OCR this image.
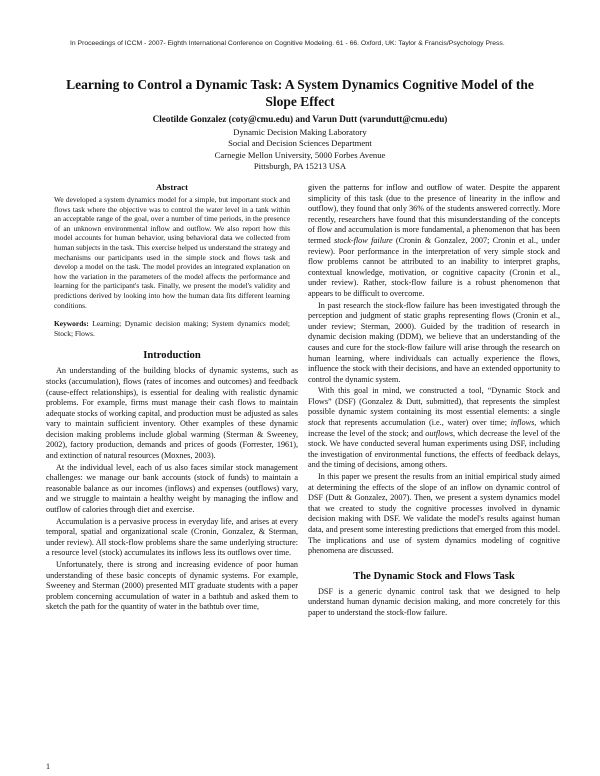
In Proceedings of ICCM - 2007- Eighth International Conference on Cognitive Modeling. 61 - 66. Oxford, UK: Taylor & Francis/Psychology Press.
Learning to Control a Dynamic Task: A System Dynamics Cognitive Model of the
Slope Effect
Cleotilde Gonzalez (coty@cmu.edu) and Varun Dutt (varundutt@cmu.edu)
Dynamic Decision Making Laboratory
Social and Decision Sciences Department
Carnegie Mellon University, 5000 Forbes Avenue
Pittsburgh, PA 15213 USA
Abstract
We developed a system dynamics model for a simple, but important stock and flows task where the objective was to control the water level in a tank within an acceptable range of the goal, over a number of time periods, in the presence of an unknown environmental inflow and outflow. We also report how this model accounts for human behavior, using behavioral data we collected from human subjects in the task. This exercise helped us understand the strategy and mechanisms our participants used in the simple stock and flows task and develop a model on the task. The model provides an integrated explanation on how the variation in the parameters of the model affects the performance and learning for the participant's task. Finally, we present the model's validity and predictions derived by looking into how the human data fits different learning conditions.
Keywords: Learning; Dynamic decision making; System dynamics model; Stock; Flows.
Introduction

An understanding of the building blocks of dynamic systems, such as stocks (accumulation), flows (rates of incomes and outcomes) and feedback (cause-effect relationships), is essential for dealing with realistic dynamic problems. For example, firms must manage their cash flows to maintain adequate stocks of working capital, and production must be adjusted as sales vary to maintain sufficient inventory. Other examples of these dynamic decision making problems include global warming (Sterman & Sweeney, 2002), factory production, demands and prices of goods (Forrester, 1961), and extinction of natural resources (Moxnes, 2003).

At the individual level, each of us also faces similar stock management challenges: we manage our bank accounts (stock of funds) to maintain a reasonable balance as our incomes (inflows) and expenses (outflows) vary, and we struggle to maintain a healthy weight by managing the inflow and outflow of calories through diet and exercise.

Accumulation is a pervasive process in everyday life, and arises at every temporal, spatial and organizational scale (Cronin, Gonzalez, & Sterman, under review). All stock-flow problems share the same underlying structure: a resource level (stock) accumulates its inflows less its outflows over time.

Unfortunately, there is strong and increasing evidence of poor human understanding of these basic concepts of dynamic systems. For example, Sweeney and Sterman (2000) presented MIT graduate students with a paper problem concerning accumulation of water in a bathtub and asked them to sketch the path for the quantity of water in the bathtub over time,

given the patterns for inflow and outflow of water. Despite the apparent simplicity of this task (due to the presence of linearity in the inflow and outflow), they found that only 36% of the students answered correctly. More recently, researchers have found that this misunderstanding of the concepts of flow and accumulation is more fundamental, a phenomenon that has been termed stock-flow failure (Cronin & Gonzalez, 2007; Cronin et al., under review). Poor performance in the interpretation of very simple stock and flow problems cannot be attributed to an inability to interpret graphs, contextual knowledge, motivation, or cognitive capacity (Cronin et al., under review). Rather, stock-flow failure is a robust phenomenon that appears to be difficult to overcome.

In past research the stock-flow failure has been investigated through the perception and judgment of static graphs representing flows (Cronin et al., under review; Sterman, 2000). Guided by the tradition of research in dynamic decision making (DDM), we believe that an understanding of the causes and cure for the stock-flow failure will arise through the research on human learning, where individuals can actually experience the flows, influence the stock with their decisions, and have an extended opportunity to control the dynamic system.

With this goal in mind, we constructed a tool, “Dynamic Stock and Flows” (DSF) (Gonzalez & Dutt, submitted), that represents the simplest possible dynamic system containing its most essential elements: a single stock that represents accumulation (i.e., water) over time; inflows, which increase the level of the stock; and outflows, which decrease the level of the stock. We have conducted several human experiments using DSF, including the investigation of environmental functions, the effects of feedback delays, and the timing of decisions, among others.

In this paper we present the results from an initial empirical study aimed at determining the effects of the slope of an inflow on dynamic control of DSF (Dutt & Gonzalez, 2007). Then, we present a system dynamics model that we created to study the cognitive processes involved in dynamic decision making with DSF. We validate the model's results against human data, and present some interesting predictions that emerged from this model. The implications and use of system dynamics modeling of cognitive phenomena are discussed.

The Dynamic Stock and Flows Task

DSF is a generic dynamic control task that we designed to help understand human dynamic decision making, and more concretely for this paper to understand the stock-flow failure.

1
